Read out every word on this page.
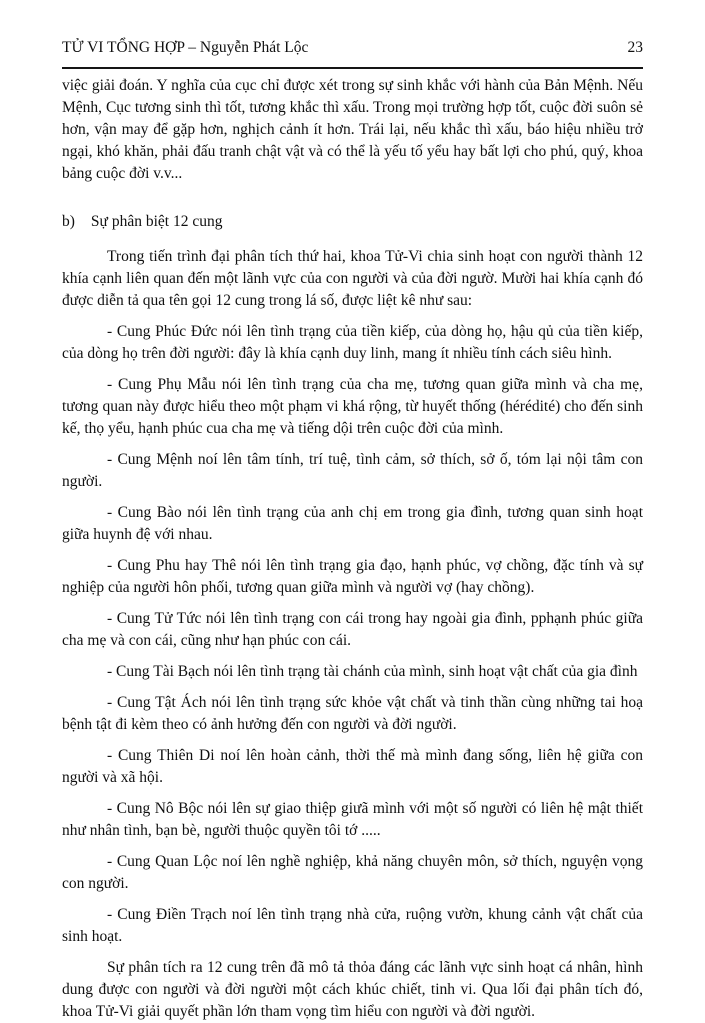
TỬ VI TỔNG HỢP – Nguyễn Phát Lộc	23

việc giải đoán. Y nghĩa của cục chỉ được xét trong sự sinh khắc với hành của Bản Mệnh. Nếu Mệnh, Cục tương sinh thì tốt, tương khắc thì xấu. Trong mọi trường hợp tốt, cuộc đời suôn sẻ hơn, vận may để gặp hơn, nghịch cảnh ít hơn. Trái lại, nếu khắc thì xấu, báo hiệu nhiều trở ngại, khó khăn, phải đấu tranh chật vật và có thể là yếu tố yểu hay bất lợi cho phú, quý, khoa bảng cuộc đời v.v...

b) Sự phân biệt 12 cung

Trong tiến trình đại phân tích thứ hai, khoa Tử-Vi chia sinh hoạt con người thành 12 khía cạnh liên quan đến một lãnh vực của con người và của đời ngườ. Mười hai khía cạnh đó được diễn tả qua tên gọi 12 cung trong lá số, được liệt kê như sau:

- Cung Phúc Đức nói lên tình trạng của tiền kiếp, của dòng họ, hậu qủ của tiền kiếp, của dòng họ trên đời người: đây là khía cạnh duy linh, mang ít nhiều tính cách siêu hình.

- Cung Phụ Mẫu nói lên tình trạng của cha mẹ, tương quan giữa mình và cha mẹ, tương quan này được hiểu theo một phạm vi khá rộng, từ huyết thống (hérédité) cho đến sinh kế, thọ yểu, hạnh phúc cua cha mẹ và tiếng dội trên cuộc đời của mình.

- Cung Mệnh noí lên tâm tính, trí tuệ, tình cảm, sở thích, sở ố, tóm lại nội tâm con người.

- Cung Bào nói lên tình trạng của anh chị em trong gia đình, tương quan sinh hoạt giữa huynh đệ với nhau.

- Cung Phu hay Thê nói lên tình trạng gia đạo, hạnh phúc, vợ chồng, đặc tính và sự nghiệp của người hôn phối, tương quan giữa mình và người vợ (hay chồng).

- Cung Tử Tức nói lên tình trạng con cái trong hay ngoài gia đình, pphạnh phúc giữa cha mẹ và con cái, cũng như hạn phúc con cái.

- Cung Tài Bạch nói lên tình trạng tài chánh của mình, sinh hoạt vật chất của gia đình

- Cung Tật Ách nói lên tình trạng sức khỏe vật chất và tinh thần cùng những tai hoạ bệnh tật đi kèm theo có ảnh hưởng đến con người và đời người.

- Cung Thiên Di noí lên hoàn cảnh, thời thế mà mình đang sống, liên hệ giữa con người và xã hội.

- Cung Nô Bộc nói lên sự giao thiệp giưã mình với một số người có liên hệ mật thiết như nhân tình, bạn bè, người thuộc quyền tôi tớ .....

- Cung Quan Lộc noí lên nghề nghiệp, khả năng chuyên môn, sở thích, nguyện vọng con người.

- Cung Điền Trạch noí lên tình trạng nhà cửa, ruộng vườn, khung cảnh vật chất của sinh hoạt.

Sự phân tích ra 12 cung trên đã mô tả thỏa đáng các lãnh vực sinh hoạt cá nhân, hình dung được con người và đời người một cách khúc chiết, tinh vi. Qua lối đại phân tích đó, khoa Tử-Vi giải quyết phần lớn tham vọng tìm hiểu con người và đời người.
